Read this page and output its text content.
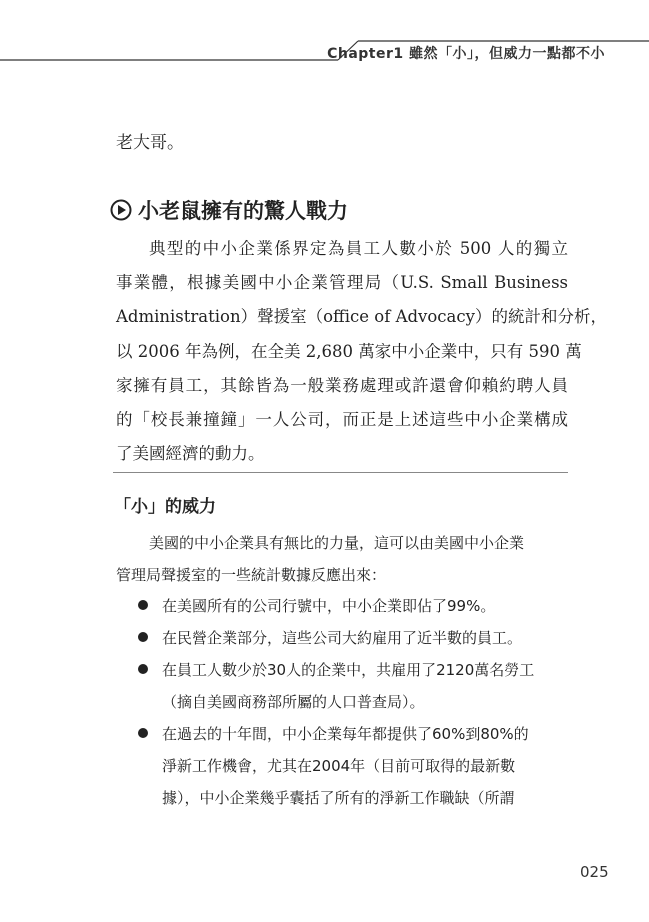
Chapter1 雖然「小」，但威力一點都不小
老大哥。
小老鼠擁有的驚人戰力
典型的中小企業係界定為員工人數小於 500 人的獨立
事業體，根據美國中小企業管理局（U.S. Small Business
Administration）聲援室（office of Advocacy）的統計和分析，
以 2006 年為例，在全美 2,680 萬家中小企業中，只有 590 萬
家擁有員工，其餘皆為一般業務處理或許還會仰賴約聘人員
的「校長兼撞鐘」一人公司，而正是上述這些中小企業構成
了美國經濟的動力。
「小」的威力
美國的中小企業具有無比的力量，這可以由美國中小企業
管理局聲援室的一些統計數據反應出來：
在美國所有的公司行號中，中小企業即佔了99%。
在民營企業部分，這些公司大約雇用了近半數的員工。
在員工人數少於30人的企業中，共雇用了2120萬名勞工
（摘自美國商務部所屬的人口普查局）。
在過去的十年間，中小企業每年都提供了60%到80%的
淨新工作機會，尤其在2004年（目前可取得的最新數
據），中小企業幾乎囊括了所有的淨新工作職缺（所謂
025
